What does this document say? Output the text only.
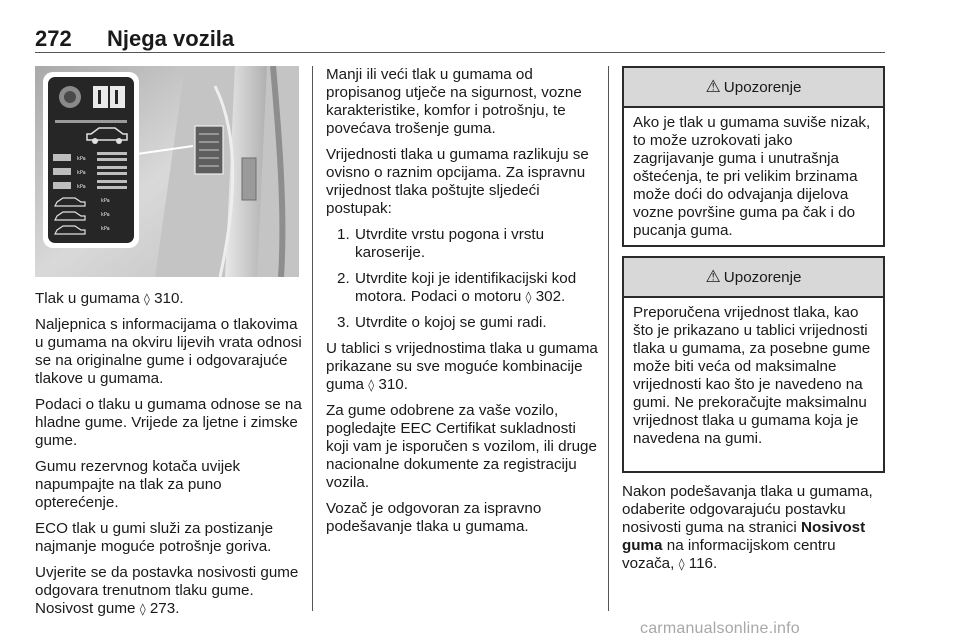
272 Njega vozila
kPa
kPa
kPa
kPa
kPa
kPa

Tlak u gumama ◊ 310.

Naljepnica s informacijama o tlakovima u gumama na okviru lijevih vrata odnosi se na originalne gume i odgovarajuće tlakove u gumama.

Podaci o tlaku u gumama odnose se na hladne gume. Vrijede za ljetne i zimske gume.

Gumu rezervnog kotača uvijek napumpajte na tlak za puno opterećenje.

ECO tlak u gumi služi za postizanje najmanje moguće potrošnje goriva.

Uvjerite se da postavka nosivosti gume odgovara trenutnom tlaku gume. Nosivost gume ◊ 273.

Manji ili veći tlak u gumama od propisanog utječe na sigurnost, vozne karakteristike, komfor i potrošnju, te povećava trošenje guma.

Vrijednosti tlaka u gumama razlikuju se ovisno o raznim opcijama. Za ispravnu vrijednost tlaka poštujte sljedeći postupak:

1. Utvrdite vrstu pogona i vrstu karoserije.
2. Utvrdite koji je identifikacijski kod motora. Podaci o motoru ◊ 302.
3. Utvrdite o kojoj se gumi radi.

U tablici s vrijednostima tlaka u gumama prikazane su sve moguće kombinacije guma ◊ 310.

Za gume odobrene za vaše vozilo, pogledajte EEC Certifikat sukladnosti koji vam je isporučen s vozilom, ili druge nacionalne dokumente za registraciju vozila.

Vozač je odgovoran za ispravno podešavanje tlaka u gumama.

⚠ Upozorenje
Ako je tlak u gumama suviše nizak, to može uzrokovati jako zagrijavanje guma i unutrašnja oštećenja, te pri velikim brzinama može doći do odvajanja dijelova vozne površine guma pa čak i do pucanja guma.
⚠ Upozorenje
Preporučena vrijednost tlaka, kao što je prikazano u tablici vrijednosti tlaka u gumama, za posebne gume može biti veća od maksimalne vrijednosti kao što je navedeno na gumi. Ne prekoračujte maksimalnu vrijednost tlaka u gumama koja je navedena na gumi.

Nakon podešavanja tlaka u gumama, odaberite odgovarajuću postavku nosivosti guma na stranici Nosivost guma na informacijskom centru vozača, ◊ 116.

carmanualsonline.info
